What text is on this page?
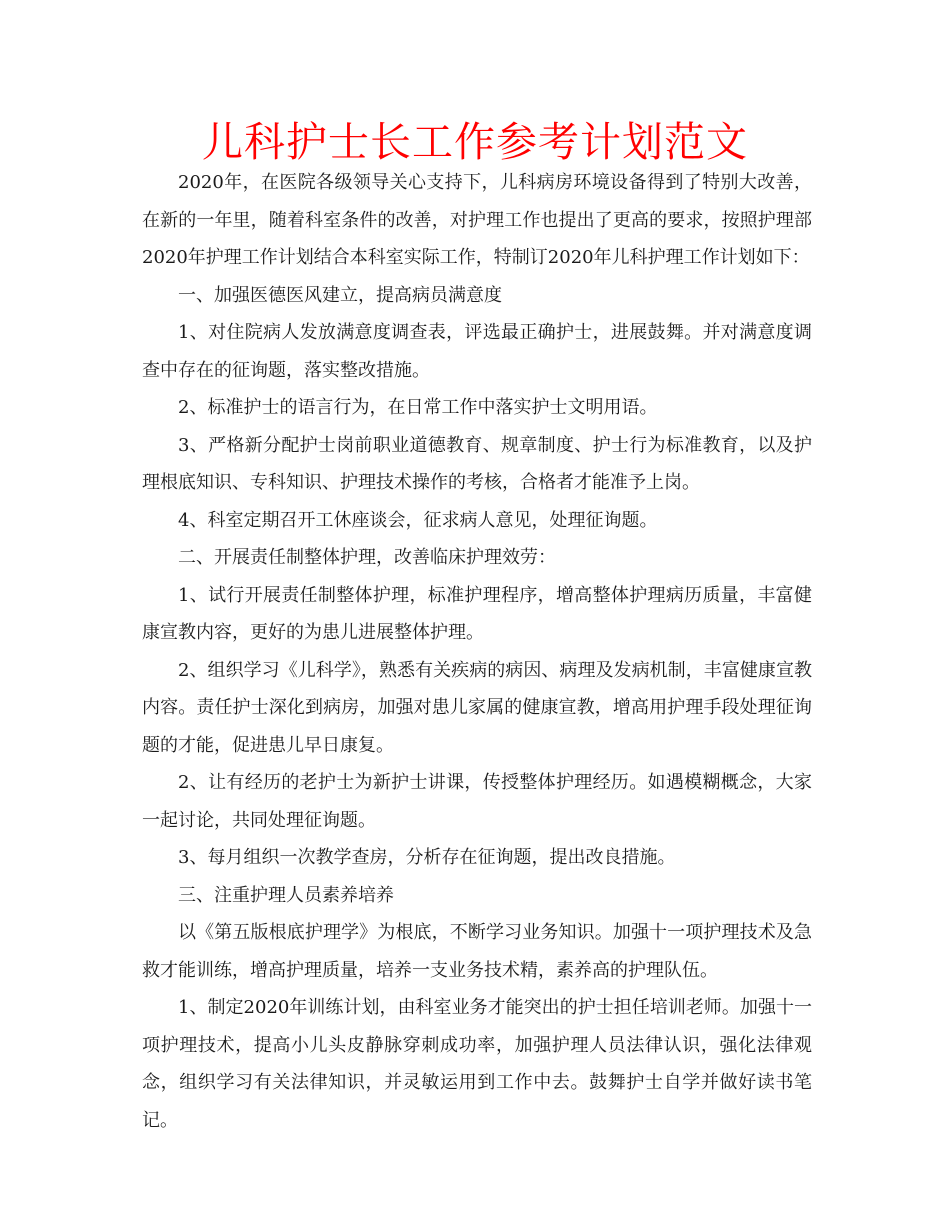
儿科护士长工作参考计划范文

2020年，在医院各级领导关心支持下，儿科病房环境设备得到了特别大改善，在新的一年里，随着科室条件的改善，对护理工作也提出了更高的要求，按照护理部2020年护理工作计划结合本科室实际工作，特制订2020年儿科护理工作计划如下：

一、加强医德医风建立，提高病员满意度

1、对住院病人发放满意度调查表，评选最正确护士，进展鼓舞。并对满意度调查中存在的征询题，落实整改措施。

2、标准护士的语言行为，在日常工作中落实护士文明用语。

3、严格新分配护士岗前职业道德教育、规章制度、护士行为标准教育，以及护理根底知识、专科知识、护理技术操作的考核，合格者才能准予上岗。

4、科室定期召开工休座谈会，征求病人意见，处理征询题。

二、开展责任制整体护理，改善临床护理效劳：

1、试行开展责任制整体护理，标准护理程序，增高整体护理病历质量，丰富健康宣教内容，更好的为患儿进展整体护理。

2、组织学习《儿科学》，熟悉有关疾病的病因、病理及发病机制，丰富健康宣教内容。责任护士深化到病房，加强对患儿家属的健康宣教，增高用护理手段处理征询题的才能，促进患儿早日康复。

2、让有经历的老护士为新护士讲课，传授整体护理经历。如遇模糊概念，大家一起讨论，共同处理征询题。

3、每月组织一次教学查房，分析存在征询题，提出改良措施。

三、注重护理人员素养培养

以《第五版根底护理学》为根底，不断学习业务知识。加强十一项护理技术及急救才能训练，增高护理质量，培养一支业务技术精，素养高的护理队伍。

1、制定2020年训练计划，由科室业务才能突出的护士担任培训老师。加强十一项护理技术，提高小儿头皮静脉穿刺成功率，加强护理人员法律认识，强化法律观念，组织学习有关法律知识，并灵敏运用到工作中去。鼓舞护士自学并做好读书笔记。
